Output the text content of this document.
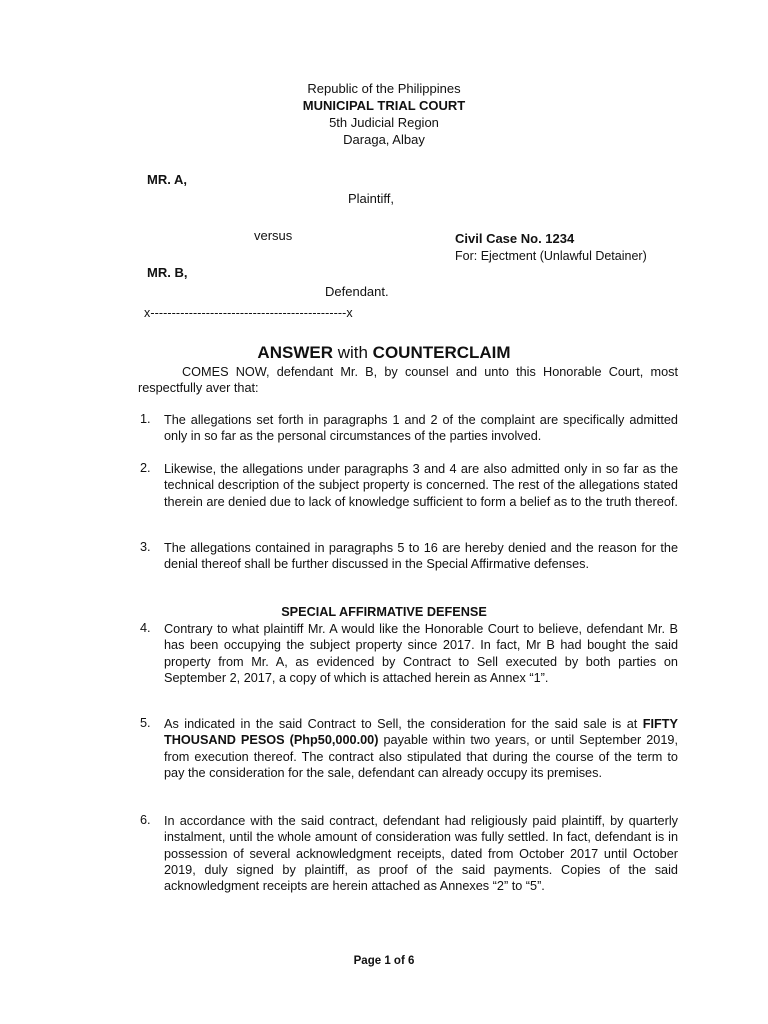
Republic of the Philippines
MUNICIPAL TRIAL COURT
5th Judicial Region
Daraga, Albay
MR. A,
Plaintiff,
versus	Civil Case No. 1234
For: Ejectment (Unlawful Detainer)
MR. B,
Defendant.
x----------------------------------------------x
ANSWER with COUNTERCLAIM
COMES NOW, defendant Mr. B, by counsel and unto this Honorable Court, most respectfully aver that:
1. The allegations set forth in paragraphs 1 and 2 of the complaint are specifically admitted only in so far as the personal circumstances of the parties involved.
2. Likewise, the allegations under paragraphs 3 and 4 are also admitted only in so far as the technical description of the subject property is concerned. The rest of the allegations stated therein are denied due to lack of knowledge sufficient to form a belief as to the truth thereof.
3. The allegations contained in paragraphs 5 to 16 are hereby denied and the reason for the denial thereof shall be further discussed in the Special Affirmative defenses.
SPECIAL AFFIRMATIVE DEFENSE
4. Contrary to what plaintiff Mr. A would like the Honorable Court to believe, defendant Mr. B has been occupying the subject property since 2017. In fact, Mr B had bought the said property from Mr. A, as evidenced by Contract to Sell executed by both parties on September 2, 2017, a copy of which is attached herein as Annex “1”.
5. As indicated in the said Contract to Sell, the consideration for the said sale is at FIFTY THOUSAND PESOS (Php50,000.00) payable within two years, or until September 2019, from execution thereof. The contract also stipulated that during the course of the term to pay the consideration for the sale, defendant can already occupy its premises.
6. In accordance with the said contract, defendant had religiously paid plaintiff, by quarterly instalment, until the whole amount of consideration was fully settled. In fact, defendant is in possession of several acknowledgment receipts, dated from October 2017 until October 2019, duly signed by plaintiff, as proof of the said payments. Copies of the said acknowledgment receipts are herein attached as Annexes “2” to “5”.
Page 1 of 6
